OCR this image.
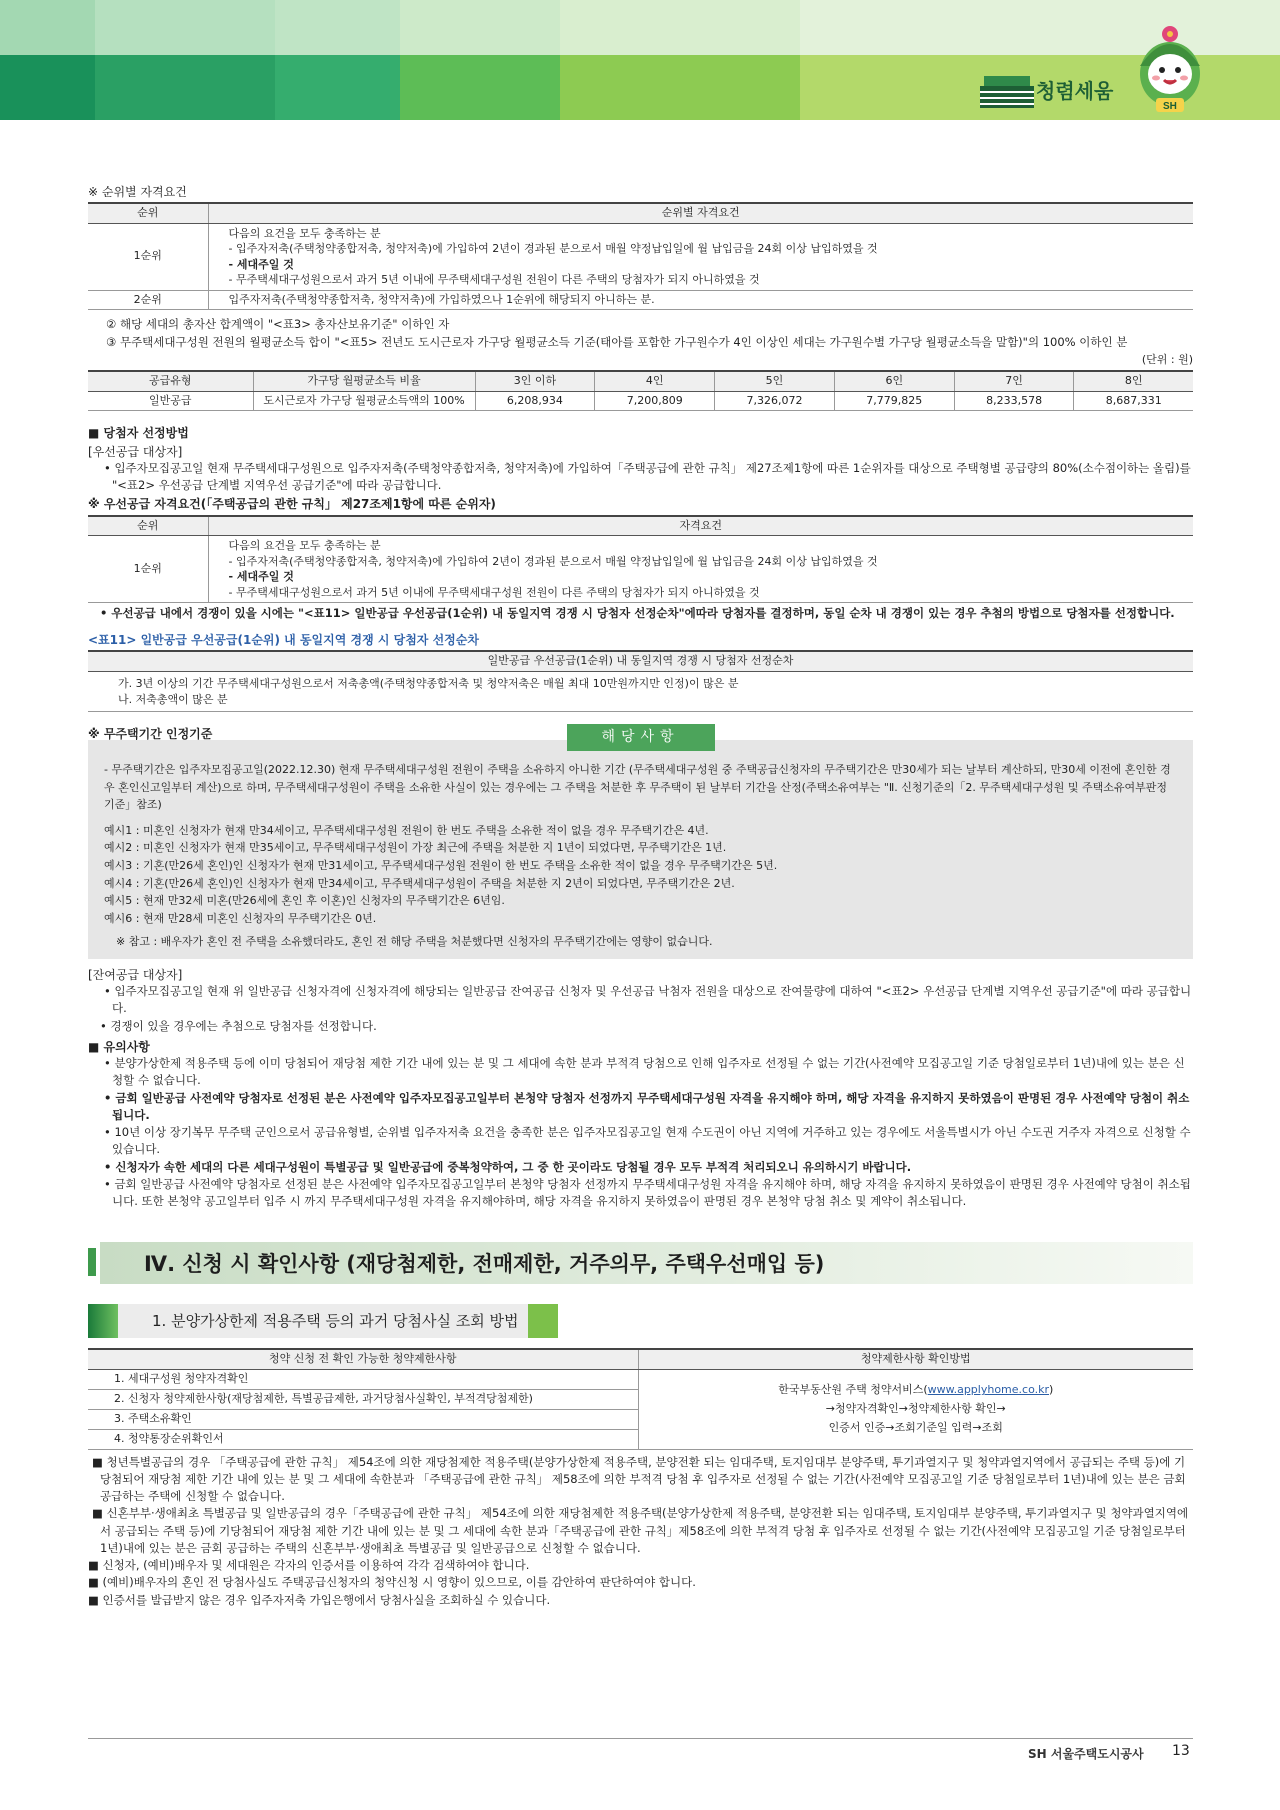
청렴세움
SH
※ 순위별 자격요건
순위	순위별 자격요건
1순위	다음의 요건을 모두 충족하는 분
- 입주자저축(주택청약종합저축, 청약저축)에 가입하여 2년이 경과된 분으로서 매월 약정납입일에 월 납입금을 24회 이상 납입하였을 것
- 세대주일 것
- 무주택세대구성원으로서 과거 5년 이내에 무주택세대구성원 전원이 다른 주택의 당첨자가 되지 아니하였을 것

2순위	입주자저축(주택청약종합저축, 청약저축)에 가입하였으나 1순위에 해당되지 아니하는 분.
② 해당 세대의 총자산 합계액이 "<표3> 총자산보유기준" 이하인 자
③ 무주택세대구성원 전원의 월평균소득 합이 "<표5> 전년도 도시근로자 가구당 월평균소득 기준(태아를 포함한 가구원수가 4인 이상인 세대는 가구원수별 가구당 월평균소득을 말함)"의 100% 이하인 분
(단위 : 원)
공급유형	가구당 월평균소득 비율	3인 이하	4인	5인	6인	7인	8인
일반공급	도시근로자 가구당 월평균소득액의 100%	6,208,934	7,200,809	7,326,072	7,779,825	8,233,578	8,687,331
■ 당첨자 선정방법
[우선공급 대상자]
• 입주자모집공고일 현재 무주택세대구성원으로 입주자저축(주택청약종합저축, 청약저축)에 가입하여「주택공급에 관한 규칙」 제27조제1항에 따른 1순위자를 대상으로 주택형별 공급량의 80%(소수점이하는 올림)를 "<표2> 우선공급 단계별 지역우선 공급기준"에 따라 공급합니다.
※ 우선공급 자격요건(「주택공급의 관한 규칙」 제27조제1항에 따른 순위자)
순위	자격요건
1순위	다음의 요건을 모두 충족하는 분
- 입주자저축(주택청약종합저축, 청약저축)에 가입하여 2년이 경과된 분으로서 매월 약정납입일에 월 납입금을 24회 이상 납입하였을 것
- 세대주일 것
- 무주택세대구성원으로서 과거 5년 이내에 무주택세대구성원 전원이 다른 주택의 당첨자가 되지 아니하였을 것
• 우선공급 내에서 경쟁이 있을 시에는 "<표11> 일반공급 우선공급(1순위) 내 동일지역 경쟁 시 당첨자 선정순차"에따라 당첨자를 결정하며, 동일 순차 내 경쟁이 있는 경우 추첨의 방법으로 당첨자를 선정합니다.
<표11> 일반공급 우선공급(1순위) 내 동일지역 경쟁 시 당첨자 선정순차
일반공급 우선공급(1순위) 내 동일지역 경쟁 시 당첨자 선정순차

가. 3년 이상의 기간 무주택세대구성원으로서 저축총액(주택청약종합저축 및 청약저축은 매월 최대 10만원까지만 인정)이 많은 분
나. 저축총액이 많은 분
※ 무주택기간 인정기준	해당사항

- 무주택기간은 입주자모집공고일(2022.12.30) 현재 무주택세대구성원 전원이 주택을 소유하지 아니한 기간 (무주택세대구성원 중 주택공급신청자의 무주택기간은 만30세가 되는 날부터 계산하되, 만30세 이전에 혼인한 경우 혼인신고일부터 계산)으로 하며, 무주택세대구성원이 주택을 소유한 사실이 있는 경우에는 그 주택을 처분한 후 무주택이 된 날부터 기간을 산정(주택소유여부는 "Ⅱ. 신청기준의「2. 무주택세대구성원 및 주택소유여부판정기준」참조)

예시1 : 미혼인 신청자가 현재 만34세이고, 무주택세대구성원 전원이 한 번도 주택을 소유한 적이 없을 경우 무주택기간은 4년.

예시2 : 미혼인 신청자가 현재 만35세이고, 무주택세대구성원이 가장 최근에 주택을 처분한 지 1년이 되었다면, 무주택기간은 1년.

예시3 : 기혼(만26세 혼인)인 신청자가 현재 만31세이고, 무주택세대구성원 전원이 한 번도 주택을 소유한 적이 없을 경우 무주택기간은 5년.

예시4 : 기혼(만26세 혼인)인 신청자가 현재 만34세이고, 무주택세대구성원이 주택을 처분한 지 2년이 되었다면, 무주택기간은 2년.

예시5 : 현재 만32세 미혼(만26세에 혼인 후 이혼)인 신청자의 무주택기간은 6년임.

예시6 : 현재 만28세 미혼인 신청자의 무주택기간은 0년.

※ 참고 : 배우자가 혼인 전 주택을 소유했더라도, 혼인 전 해당 주택을 처분했다면 신청자의 무주택기간에는 영향이 없습니다.

[잔여공급 대상자]
• 입주자모집공고일 현재 위 일반공급 신청자격에 신청자격에 해당되는 일반공급 잔여공급 신청자 및 우선공급 낙첨자 전원을 대상으로 잔여물량에 대하여 "<표2> 우선공급 단계별 지역우선 공급기준"에 따라 공급합니다.
• 경쟁이 있을 경우에는 추첨으로 당첨자를 선정합니다.
■ 유의사항
• 분양가상한제 적용주택 등에 이미 당첨되어 재당첨 제한 기간 내에 있는 분 및 그 세대에 속한 분과 부적격 당첨으로 인해 입주자로 선정될 수 없는 기간(사전예약 모집공고일 기준 당첨일로부터 1년)내에 있는 분은 신청할 수 없습니다.
• 금회 일반공급 사전예약 당첨자로 선정된 분은 사전예약 입주자모집공고일부터 본청약 당첨자 선정까지 무주택세대구성원 자격을 유지해야 하며, 해당 자격을 유지하지 못하였음이 판명된 경우 사전예약 당첨이 취소됩니다.
• 10년 이상 장기복무 무주택 군인으로서 공급유형별, 순위별 입주자저축 요건을 충족한 분은 입주자모집공고일 현재 수도권이 아닌 지역에 거주하고 있는 경우에도 서울특별시가 아닌 수도권 거주자 자격으로 신청할 수 있습니다.
• 신청자가 속한 세대의 다른 세대구성원이 특별공급 및 일반공급에 중복청약하여, 그 중 한 곳이라도 당첨될 경우 모두 부적격 처리되오니 유의하시기 바랍니다.
• 금회 일반공급 사전예약 당첨자로 선정된 분은 사전예약 입주자모집공고일부터 본청약 당첨자 선정까지 무주택세대구성원 자격을 유지해야 하며, 해당 자격을 유지하지 못하였음이 판명된 경우 사전예약 당첨이 취소됩니다. 또한 본청약 공고일부터 입주 시 까지 무주택세대구성원 자격을 유지해야하며, 해당 자격을 유지하지 못하였음이 판명된 경우 본청약 당첨 취소 및 계약이 취소됩니다.
Ⅳ. 신청 시 확인사항 (재당첨제한, 전매제한, 거주의무, 주택우선매입 등)
1. 분양가상한제 적용주택 등의 과거 당첨사실 조회 방법
청약 신청 전 확인 가능한 청약제한사항	청약제한사항 확인방법
1. 세대구성원 청약자격확인	한국부동산원 주택 청약서비스(www.applyhome.co.kr)
→청약자격확인→청약제한사항 확인→
인증서 인증→조회기준일 입력→조회
2. 신청자 청약제한사항(재당첨제한, 특별공급제한, 과거당첨사실확인, 부적격당첨제한)	
3. 주택소유확인	
4. 청약통장순위확인서	
■ 청년특별공급의 경우 「주택공급에 관한 규칙」 제54조에 의한 재당첨제한 적용주택(분양가상한제 적용주택, 분양전환 되는 임대주택, 토지임대부 분양주택, 투기과열지구 및 청약과열지역에서 공급되는 주택 등)에 기당첨되어 재당첨 제한 기간 내에 있는 분 및 그 세대에 속한분과 「주택공급에 관한 규칙」 제58조에 의한 부적격 당첨 후 입주자로 선정될 수 없는 기간(사전예약 모집공고일 기준 당첨일로부터 1년)내에 있는 분은 금회 공급하는 주택에 신청할 수 없습니다.
■ 신혼부부·생애최초 특별공급 및 일반공급의 경우「주택공급에 관한 규칙」 제54조에 의한 재당첨제한 적용주택(분양가상한제 적용주택, 분양전환 되는 임대주택, 토지임대부 분양주택, 투기과열지구 및 청약과열지역에서 공급되는 주택 등)에 기당첨되어 재당첨 제한 기간 내에 있는 분 및 그 세대에 속한 분과「주택공급에 관한 규칙」제58조에 의한 부적격 당첨 후 입주자로 선정될 수 없는 기간(사전예약 모집공고일 기준 당첨일로부터 1년)내에 있는 분은 금회 공급하는 주택의 신혼부부·생애최초 특별공급 및 일반공급으로 신청할 수 없습니다.
■ 신청자, (예비)배우자 및 세대원은 각자의 인증서를 이용하여 각각 검색하여야 합니다.
■ (예비)배우자의 혼인 전 당첨사실도 주택공급신청자의 청약신청 시 영향이 있으므로, 이를 감안하여 판단하여야 합니다.
■ 인증서를 발급받지 않은 경우 입주자저축 가입은행에서 당첨사실을 조회하실 수 있습니다.
SH 서울주택도시공사 13
